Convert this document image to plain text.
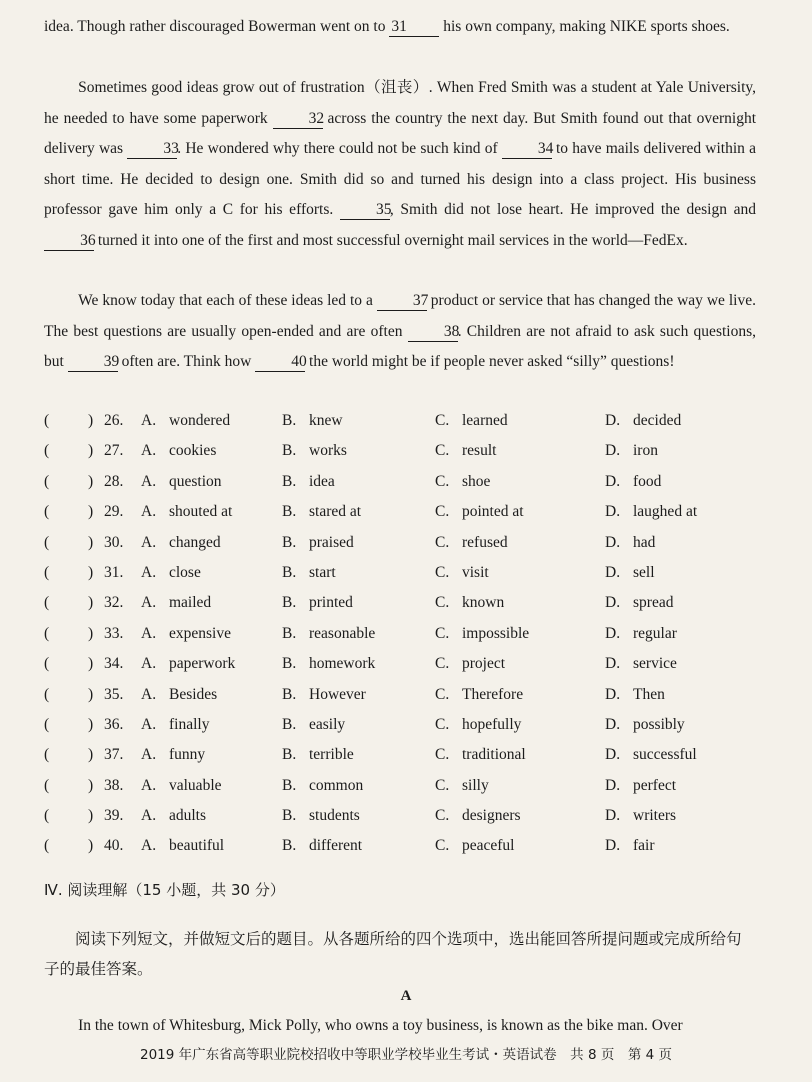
idea. Though rather discouraged Bowerman went on to 31 his own company, making NIKE sports shoes.
Sometimes good ideas grow out of frustration（沮丧）. When Fred Smith was a student at Yale University, he needed to have some paperwork 32 across the country the next day. But Smith found out that overnight delivery was 33. He wondered why there could not be such kind of 34 to have mails delivered within a short time. He decided to design one. Smith did so and turned his design into a class project. His business professor gave him only a C for his efforts. 35, Smith did not lose heart. He improved the design and 36 turned it into one of the first and most successful overnight mail services in the world—FedEx.
We know today that each of these ideas led to a 37 product or service that has changed the way we live. The best questions are usually open-ended and are often 38. Children are not afraid to ask such questions, but 39 often are. Think how 40 the world might be if people never asked “silly” questions!
(	) 26. A. wondered	B. knew	C. learned	D. decided
(	) 27. A. cookies	B. works	C. result	D. iron
(	) 28. A. question	B. idea	C. shoe	D. food
(	) 29. A. shouted at	B. stared at	C. pointed at	D. laughed at
(	) 30. A. changed	B. praised	C. refused	D. had
(	) 31. A. close	B. start	C. visit	D. sell
(	) 32. A. mailed	B. printed	C. known	D. spread
(	) 33. A. expensive	B. reasonable	C. impossible	D. regular
(	) 34. A. paperwork	B. homework	C. project	D. service
(	) 35. A. Besides	B. However	C. Therefore	D. Then
(	) 36. A. finally	B. easily	C. hopefully	D. possibly
(	) 37. A. funny	B. terrible	C. traditional	D. successful
(	) 38. A. valuable	B. common	C. silly	D. perfect
(	) 39. A. adults	B. students	C. designers	D. writers
(	) 40. A. beautiful	B. different	C. peaceful	D. fair
Ⅳ. 阅读理解（15 小题，共 30 分）
阅读下列短文，并做短文后的题目。从各题所给的四个选项中，选出能回答所提问题或完成所给句子的最佳答案。
A
In the town of Whitesburg, Mick Polly, who owns a toy business, is known as the bike man. Over
2019 年广东省高等职业院校招收中等职业学校毕业生考试・英语试卷　共 8 页　第 4 页
